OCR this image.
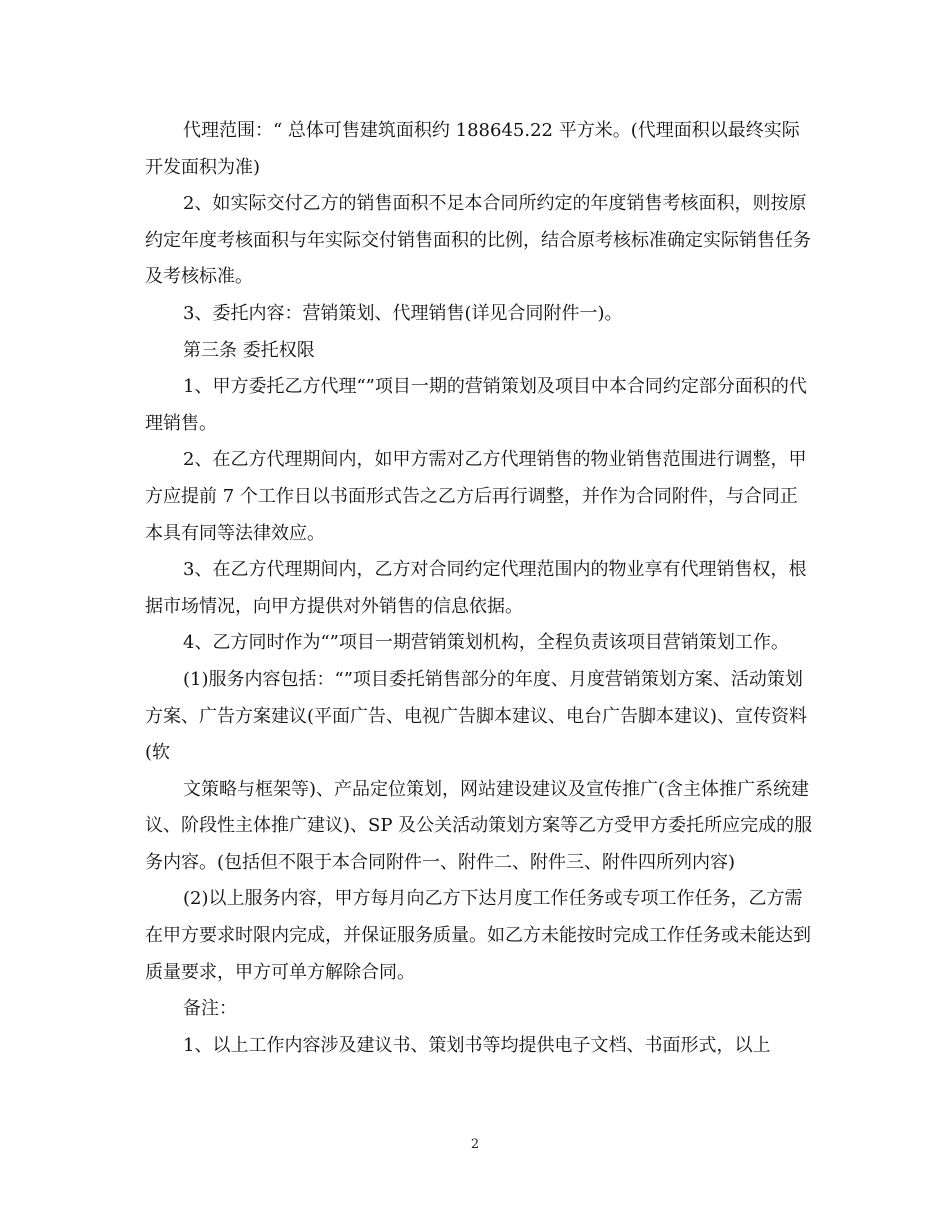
代理范围：“ 总体可售建筑面积约 188645.22 平方米。(代理面积以最终实际开发面积为准)

2、如实际交付乙方的销售面积不足本合同所约定的年度销售考核面积，则按原约定年度考核面积与年实际交付销售面积的比例，结合原考核标准确定实际销售任务及考核标准。

3、委托内容：营销策划、代理销售(详见合同附件一)。

第三条 委托权限

1、甲方委托乙方代理“”项目一期的营销策划及项目中本合同约定部分面积的代理销售。

2、在乙方代理期间内，如甲方需对乙方代理销售的物业销售范围进行调整，甲方应提前 7 个工作日以书面形式告之乙方后再行调整，并作为合同附件，与合同正本具有同等法律效应。

3、在乙方代理期间内，乙方对合同约定代理范围内的物业享有代理销售权，根据市场情况，向甲方提供对外销售的信息依据。

4、乙方同时作为“”项目一期营销策划机构，全程负责该项目营销策划工作。

(1)服务内容包括：“”项目委托销售部分的年度、月度营销策划方案、活动策划方案、广告方案建议(平面广告、电视广告脚本建议、电台广告脚本建议)、宣传资料(软

文策略与框架等)、产品定位策划，网站建设建议及宣传推广(含主体推广系统建议、阶段性主体推广建议)、SP 及公关活动策划方案等乙方受甲方委托所应完成的服务内容。(包括但不限于本合同附件一、附件二、附件三、附件四所列内容)

(2)以上服务内容，甲方每月向乙方下达月度工作任务或专项工作任务，乙方需在甲方要求时限内完成，并保证服务质量。如乙方未能按时完成工作任务或未能达到质量要求，甲方可单方解除合同。

备注：

1、以上工作内容涉及建议书、策划书等均提供电子文档、书面形式，以上

2
